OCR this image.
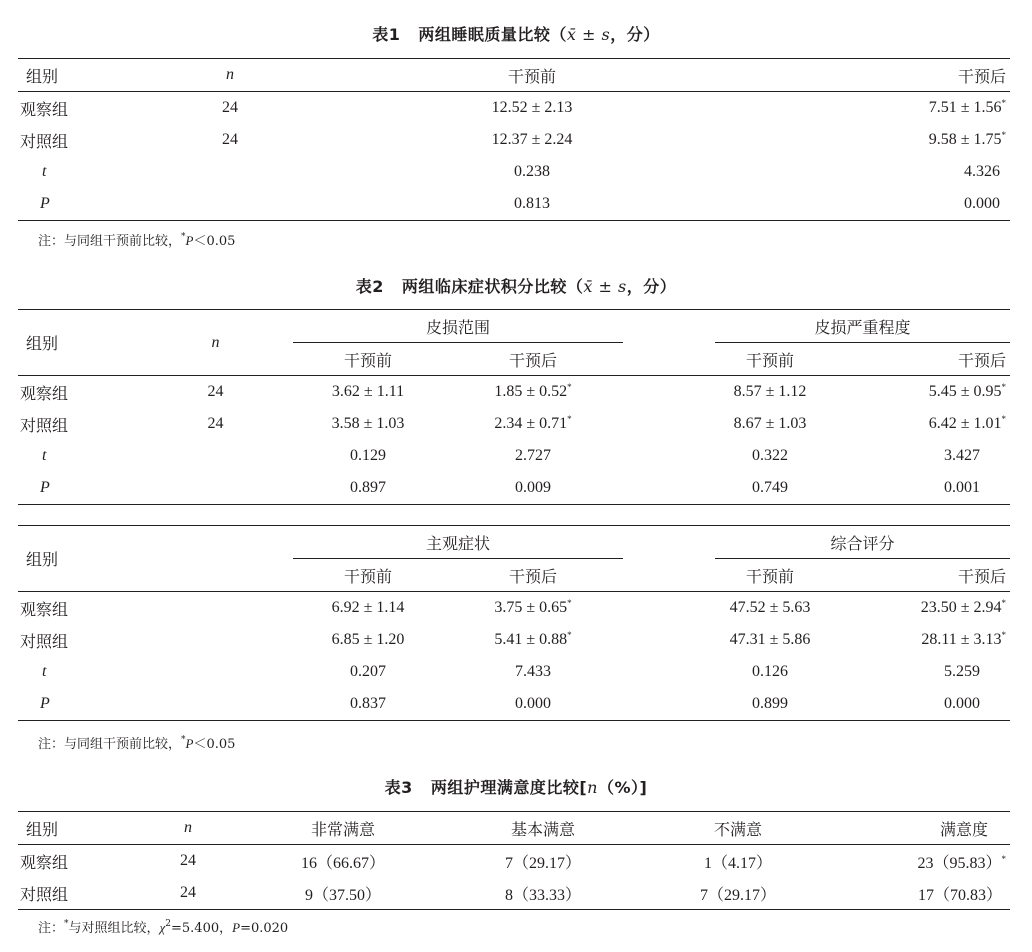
表1 两组睡眠质量比较（x̄ ± s，分）
组别	n	干预前	干预后
观察组	24	12.52 ± 2.13	7.51 ± 1.56*
对照组	24	12.37 ± 2.24	9.58 ± 1.75*
t		0.238	4.326
P		0.813	0.000
注：与同组干预前比较，*P＜0.05
表2 两组临床症状积分比较（x̄ ± s，分）
组别	n	皮损范围			皮损严重程度	
		干预前	干预后		干预前	干预后
观察组	24	3.62 ± 1.11	1.85 ± 0.52*		8.57 ± 1.12	5.45 ± 0.95*
对照组	24	3.58 ± 1.03	2.34 ± 0.71*		8.67 ± 1.03	6.42 ± 1.01*
t		0.129	2.727		0.322	3.427
P		0.897	0.009		0.749	0.001
组别	主观症状			综合评分	
	干预前	干预后		干预前	干预后
观察组	6.92 ± 1.14	3.75 ± 0.65*		47.52 ± 5.63	23.50 ± 2.94*
对照组	6.85 ± 1.20	5.41 ± 0.88*		47.31 ± 5.86	28.11 ± 3.13*
t	0.207	7.433		0.126	5.259
P	0.837	0.000		0.899	0.000
注：与同组干预前比较，*P＜0.05
表3 两组护理满意度比较[n（%）]
组别	n	非常满意	基本满意	不满意	满意度
观察组	24	16（66.67）	7（29.17）	1（4.17）	23（95.83）*
对照组	24	9（37.50）	8（33.33）	7（29.17）	17（70.83）
注：*与对照组比较，$\chi^2=5.400$，P=0.020
